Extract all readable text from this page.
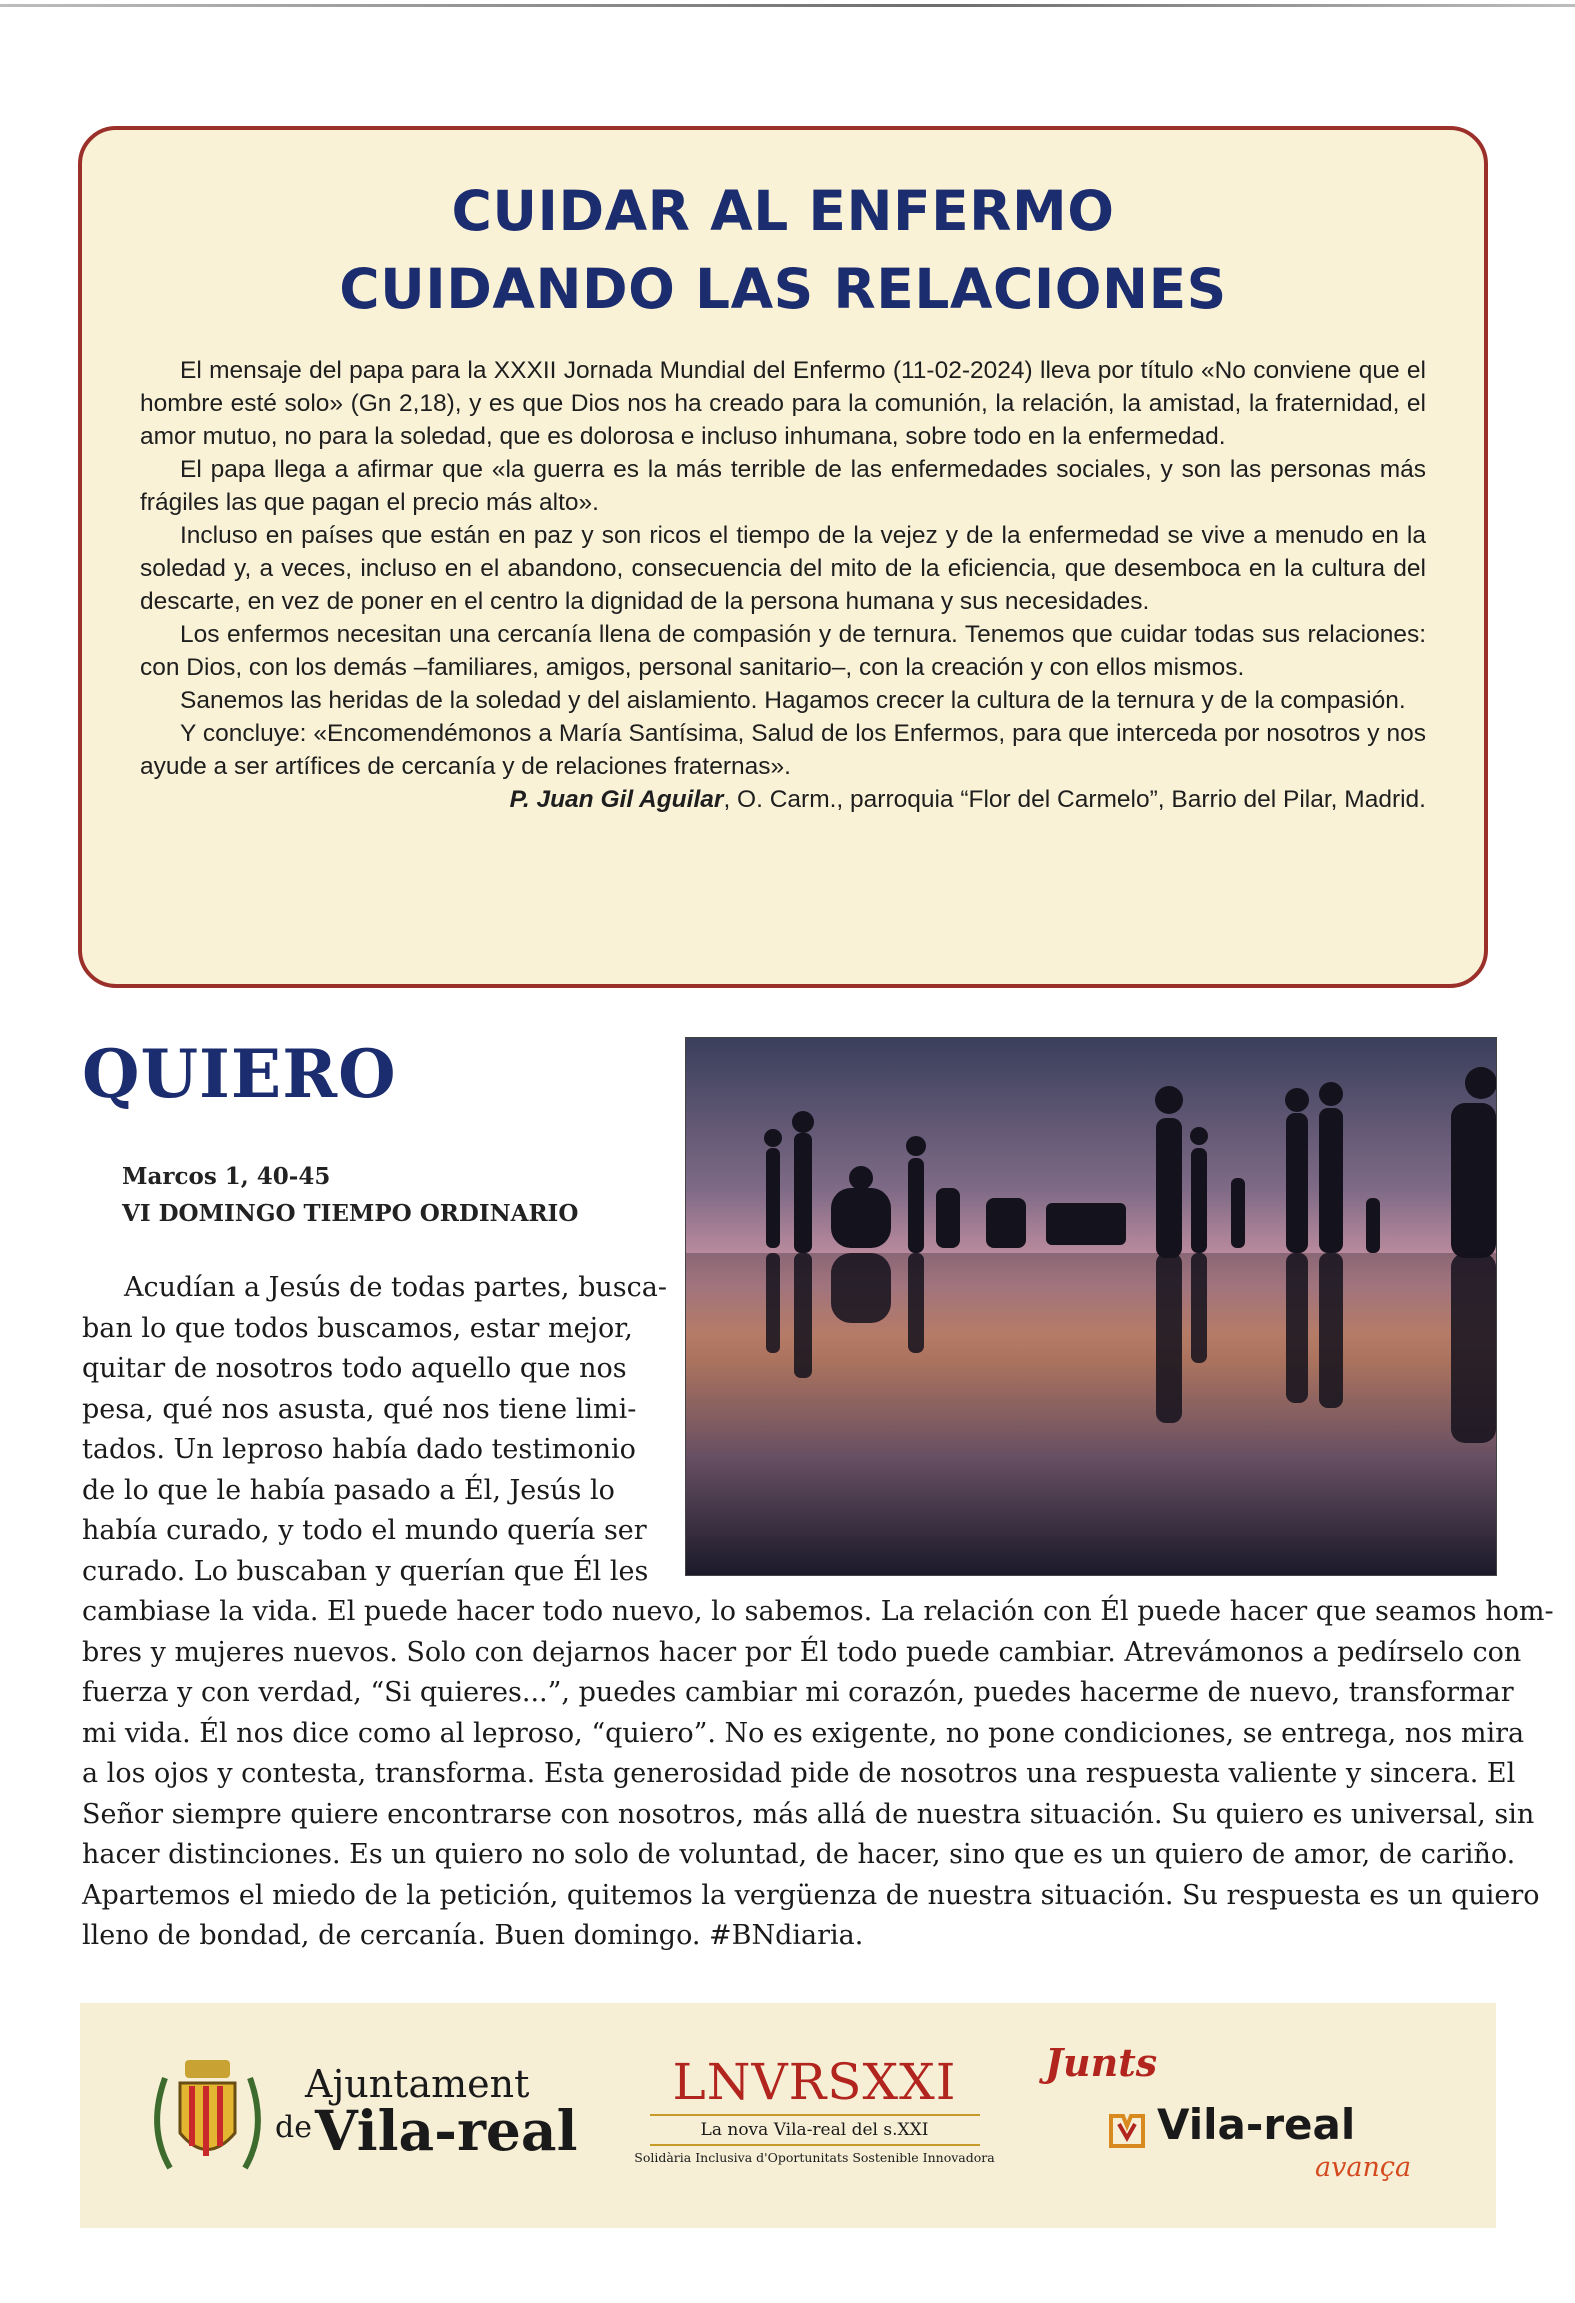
CUIDAR AL ENFERMO
CUIDANDO LAS RELACIONES

El mensaje del papa para la XXXII Jornada Mundial del Enfermo (11-02-2024) lleva por título «No conviene que el hombre esté solo» (Gn 2,18), y es que Dios nos ha creado para la comunión, la relación, la amistad, la fraternidad, el amor mutuo, no para la soledad, que es dolorosa e incluso inhumana, sobre todo en la enfermedad.

El papa llega a afirmar que «la guerra es la más terrible de las enfermedades sociales, y son las personas más frágiles las que pagan el precio más alto».

Incluso en países que están en paz y son ricos el tiempo de la vejez y de la enfermedad se vive a menudo en la soledad y, a veces, incluso en el abandono, consecuencia del mito de la eficiencia, que desemboca en la cultura del descarte, en vez de poner en el centro la dignidad de la persona humana y sus necesidades.

Los enfermos necesitan una cercanía llena de compasión y de ternura. Tenemos que cuidar todas sus relaciones: con Dios, con los demás –familiares, amigos, personal sanitario–, con la creación y con ellos mismos.

Sanemos las heridas de la soledad y del aislamiento. Hagamos crecer la cultura de la ternura y de la compasión.

Y concluye: «Encomendémonos a María Santísima, Salud de los Enfermos, para que interceda por nosotros y nos ayude a ser artífices de cercanía y de relaciones fraternas».

P. Juan Gil Aguilar, O. Carm., parroquia “Flor del Carmelo”, Barrio del Pilar, Madrid.
QUIERO
Marcos 1, 40-45
VI DOMINGO TIEMPO ORDINARIO
Acudían a Jesús de todas partes, busca-
ban lo que todos buscamos, estar mejor,
quitar de nosotros todo aquello que nos
pesa, qué nos asusta, qué nos tiene limi-
tados. Un leproso había dado testimonio
de lo que le había pasado a Él, Jesús lo
había curado, y todo el mundo quería ser
curado. Lo buscaban y querían que Él les
cambiase la vida. El puede hacer todo nuevo, lo sabemos. La relación con Él puede hacer que seamos hom-
bres y mujeres nuevos. Solo con dejarnos hacer por Él todo puede cambiar. Atrevámonos a pedírselo con
fuerza y con verdad, “Si quieres...”, puedes cambiar mi corazón, puedes hacerme de nuevo, transformar
mi vida. Él nos dice como al leproso, “quiero”. No es exigente, no pone condiciones, se entrega, nos mira
a los ojos y contesta, transforma. Esta generosidad pide de nosotros una respuesta valiente y sincera. El
Señor siempre quiere encontrarse con nosotros, más allá de nuestra situación. Su quiero es universal, sin
hacer distinciones. Es un quiero no solo de voluntad, de hacer, sino que es un quiero de amor, de cariño.
Apartemos el miedo de la petición, quitemos la vergüenza de nuestra situación. Su respuesta es un quiero
lleno de bondad, de cercanía. Buen domingo. #BNdiaria.
Ajuntament
de Vila-real
LNVRSXXI
La nova Vila-real del s.XXI
Solidària Inclusiva d'Oportunitats Sostenible Innovadora
Junts
Vila-real
avança
